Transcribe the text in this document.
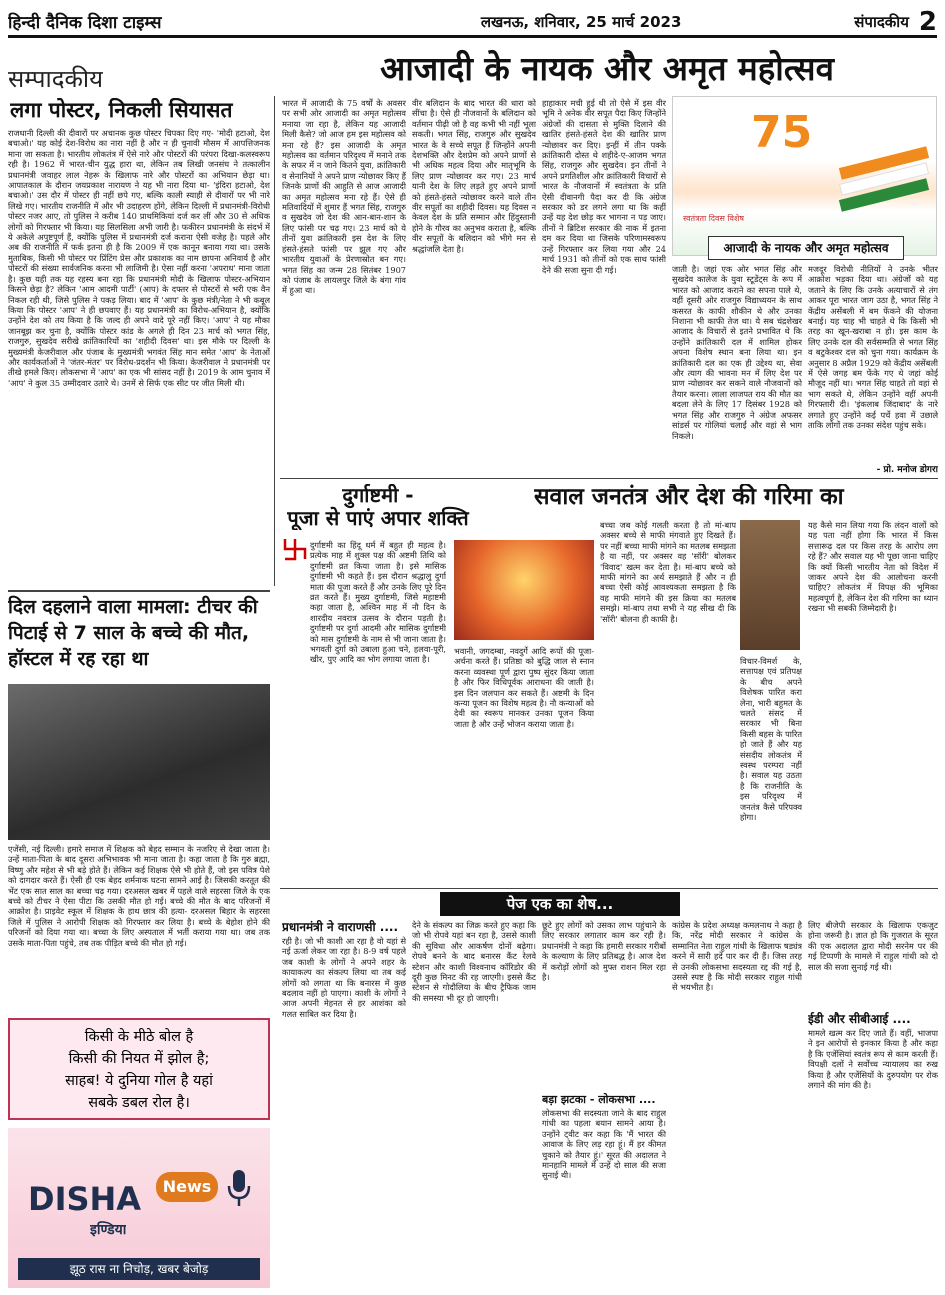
हिन्दी दैनिक दिशा टाइम्स	लखनऊ, शनिवार, 25 मार्च 2023	संपादकीय 2
सम्पादकीय	आजादी के नायक और अमृत महोत्सव
लगा पोस्टर, निकली सियासत
राजधानी दिल्ली की दीवारों पर अचानक कुछ पोस्टर चिपका दिए गए- 'मोदी हटाओ, देश बचाओ।' यह कोई देश-विरोध का नारा नहीं है और न ही चुनावी मौसम में आपत्तिजनक माना जा सकता है। भारतीय लोकतंत्र में ऐसे नारे और पोस्टरों की परंपरा दिखा-कलस्वरूप रही है। 1962 में भारत-चीन युद्ध हारा था, लेकिन तब लिखी जनसंघ ने तत्कालीन प्रधानमंत्री जवाहर लाल नेहरू के खिलाफ नारे और पोस्टरों का अभियान छेड़ा था। आपातकाल के दौरान जयप्रकाश नारायण ने यह भी नारा दिया था- 'इंदिरा हटाओ, देश बचाओ।' उस दौर में पोस्टर ही नहीं छपे गए, बल्कि काली स्याही से दीवारों पर भी नारे लिखे गए। भारतीय राजनीति में और भी उदाहरण होंगे, लेकिन दिल्ली में प्रधानमंत्री-विरोधी पोस्टर नजर आए, तो पुलिस ने करीब 140 प्राथमिकियां दर्ज कर लीं और 30 से अधिक लोगों को गिरफ्तार भी किया। यह सिलसिला अभी जारी है। फकीरन प्रधानमंत्री के संदर्भ में ये अकेले अपुष्टपूर्ण हैं, क्योंकि पुलिस में प्रधानमंत्री दर्ज कराना ऐसी वजेह है। पहले और अब की राजनीति में फर्क इतना ही है कि 2009 में एक कानून बनाया गया था। उसके मुताबिक, किसी भी पोस्टर पर प्रिंटिंग प्रेस और प्रकाशक का नाम छापना अनिवार्य है और पोस्टरों की संख्या सार्वजनिक करना भी लाजिमी है। ऐसा नहीं करना 'अपराध' माना जाता है। कुछ यही तक यह रहस्य बना रहा कि प्रधानमंत्री मोदी के खिलाफ पोस्टर-अभियान किसने छेड़ा है? लेकिन 'आम आदमी पार्टी' (आप) के दफ्तर से पोस्टरों से भरी एक वैन निकल रही थी, जिसे पुलिस ने पकड़ लिया। बाद में 'आप' के कुछ मंत्री/नेता ने भी कबूल किया कि पोस्टर 'आप' ने ही छपवाए हैं। यह प्रधानमंत्री का विरोध-अभियान है, क्योंकि उन्होंने देश को तय किया है कि जल्द ही अपने वादे पूरे नहीं किए। 'आप' ने यह मौका जानबूझ कर चुना है, क्योंकि पोस्टर कांड के अगले ही दिन 23 मार्च को भगत सिंह, राजगुरु, सुखदेव सरीखे क्रांतिकारियों का 'शहीदी दिवस' था। इस मौके पर दिल्ली के मुख्यमंत्री केजरीवाल और पंजाब के मुख्यमंत्री भगवंत सिंह मान समेत 'आप' के नेताओं और कार्यकर्ताओं ने 'जंतर-मंतर' पर विरोध-प्रदर्शन भी किया। केजरीवाल ने प्रधानमंत्री पर तीखे हमले किए। लोकसभा में 'आप' का एक भी सांसद नहीं है। 2019 के आम चुनाव में 'आप' ने कुल 35 उम्मीदवार उतारे थे। उनमें से सिर्फ एक सीट पर जीत मिली थी।
दिल दहलाने वाला मामला: टीचर की पिटाई से 7 साल के बच्चे की मौत, हॉस्टल में रह रहा था
एजेंसी, नई दिल्ली। हमारे समाज में शिक्षक को बेहद सम्मान के नजरिए से देखा जाता है। उन्हें माता-पिता के बाद दूसरा अभिभावक भी माना जाता है। कहा जाता है कि गुरु ब्रह्मा, विष्णु और महेश से भी बड़े होते हैं। लेकिन कई शिक्षक ऐसे भी होते हैं, जो इस पवित्र पेशे को दागदार करते हैं। ऐसी ही एक बेहद शर्मनाक घटना सामने आई है। जिसकी करतूत की भेंट एक सात साल का बच्चा चढ़ गया। दरअसल खबर में पहले वाले सहरसा जिले के एक बच्चे को टीचर ने ऐसा पीटा कि उसकी मौत हो गई। बच्चे की मौत के बाद परिजनों में आक्रोश है। प्राइवेट स्कूल में शिक्षक के हाथ छात्र की हत्या- दरअसल बिहार के सहरसा जिले में पुलिस ने आरोपी शिक्षक को गिरफ्तार कर लिया है। बच्चे के बेहोश होने की परिजनों को दिया गया था। बच्चा के लिए अस्पताल में भर्ती कराया गया था। जब तक उसके माता-पिता पहुंचे, तब तक पीड़ित बच्चे की मौत हो गई।
किसी के मीठे बोल है
किसी की नियत में झोल है;
साहब! ये दुनिया गोल है यहां
सबके डबल रोल है।
DISHA	News
इण्डिया
झूठ रास ना निचोड़, खबर बेजोड़
भारत में आजादी के 75 वर्षों के अवसर पर सभी ओर आजादी का अमृत महोत्सव मनाया जा रहा है, लेकिन यह आजादी मिली कैसे? जो आज हम इस महोत्सव को मना रहे हैं? इस आजादी के अमृत महोत्सव का वर्तमान परिदृश्य में मनाने तक के सफर में न जाने कितने युवा, क्रांतिकारी व सेनानियों ने अपने प्राण न्योछावर किए हैं जिनके प्राणों की आहुति से आज आजादी का अमृत महोत्सव मना रहे हैं। ऐसे ही मतिवादियों में शुमार हैं भगत सिंह, राजगुरु व सुखदेव जो देश की आन-बान-शान के लिए फांसी पर चढ़ गए। 23 मार्च को ये तीनों युवा क्रांतिकारी इस देश के लिए हंसते-हंसते फांसी पर झूल गए और भारतीय युवाओं के प्रेरणास्रोत बन गए। भगत सिंह का जन्म 28 सितंबर 1907 को पंजाब के लायलपुर जिले के बंगा गांव में हुआ था।
वीर बलिदान के बाद भारत की धारा को सींचा है। ऐसे ही नौजवानों के बलिदान को वर्तमान पीढ़ी जो है वह कभी भी नहीं भूला सकती। भगत सिंह, राजगुरु और सुखदेव भारत के वे सच्चे सपूत हैं जिन्होंने अपनी देशभक्ति और देशप्रेम को अपने प्राणों से भी अधिक महत्व दिया और मातृभूमि के लिए प्राण न्योछावर कर गए। 23 मार्च यानी देश के लिए लड़ते हुए अपने प्राणों को हंसते-हंसते न्योछावर करने वाले तीन वीर सपूतों का शहीदी दिवस। यह दिवस न केवल देश के प्रति सम्मान और हिंदुस्तानी होने के गौरव का अनुभव कराता है, बल्कि वीर सपूतों के बलिदान को भीगे मन से श्रद्धांजलि देता है।
हाहाकार मची हुई थी तो ऐसे में इस वीर भूमि ने अनेक वीर सपूत पैदा किए जिन्होंने अंग्रेजों की दासता से मुक्ति दिलाने की खातिर हंसते-हंसते देश की खातिर प्राण न्योछावर कर दिए। इन्हीं में तीन पक्के क्रांतिकारी दोस्त थे शहीदे-ए-आजम भगत सिंह, राजगुरु और सुखदेव। इन तीनों ने अपने प्रगतिशील और क्रांतिकारी विचारों से भारत के नौजवानों में स्वतंत्रता के प्रति ऐसी दीवानगी पैदा कर दी कि अंग्रेज सरकार को डर लगने लगा था कि कहीं उन्हें यह देश छोड़ कर भागना न पड़ जाए। तीनों ने ब्रिटिश सरकार की नाक में इतना दम कर दिया था जिसके परिणामस्वरूप उन्हें गिरफ्तार कर लिया गया और 24 मार्च 1931 को तीनों को एक साथ फांसी देने की सजा सुना दी गई।
75
स्वतंत्रता दिवस विशेष
आजादी के नायक और अमृत महोत्सव
जाती है। जहां एक ओर भगत सिंह और सुखदेव कालेज के युवा स्टूडेंट्स के रूप में भारत को आजाद कराने का सपना पाले थे, वहीं दूसरी ओर राजगुरु विद्याध्ययन के साथ कसरत के काफी शौकीन थे और उनका निशाना भी काफी तेज था। ये सब चंद्रशेखर आजाद के विचारों से इतने प्रभावित थे कि उन्होंने क्रांतिकारी दल में शामिल होकर अपना विशेष स्थान बना लिया था। इन क्रांतिकारी दल का एक ही उद्देश्य था, सेवा और त्याग की भावना मन में लिए देश पर प्राण न्योछावर कर सकने वाले नौजवानों को तैयार करना। लाला लाजपत राय की मौत का बदला लेने के लिए 17 दिसंबर 1928 को भगत सिंह और राजगुरु ने अंग्रेज अफसर सांडर्स पर गोलियां चलाईं और वहां से भाग निकले।
मजदूर विरोधी नीतियों ने उनके भीतर आक्रोश भड़का दिया था। अंग्रेजों को यह जताने के लिए कि उनके अत्याचारों से तंग आकर पूरा भारत जाग उठा है, भगत सिंह ने केंद्रीय असेंबली में बम फेंकने की योजना बनाई। यह चाह भी चाहते थे कि किसी भी तरह का खून-खराबा न हो। इस काम के लिए उनके दल की सर्वसम्मति से भगत सिंह व बटुकेश्वर दत्त को चुना गया। कार्यक्रम के अनुसार 8 अप्रैल 1929 को केंद्रीय असेंबली में ऐसे जगह बम फेंके गए थे जहां कोई मौजूद नहीं था। भगत सिंह चाहते तो वहां से भाग सकते थे, लेकिन उन्होंने वहीं अपनी गिरफ्तारी दी। 'इंकलाब जिंदाबाद' के नारे लगाते हुए उन्होंने कई पर्चे हवा में उछाले ताकि लोगों तक उनका संदेश पहुंच सके।
- प्रो. मनोज डोगरा
दुर्गाष्टमी -
पूजा से पाएं अपार शक्ति
दुर्गाष्टमी का हिंदू धर्म में बहुत ही महत्व है। प्रत्येक माह में शुक्ल पक्ष की अष्टमी तिथि को दुर्गाष्टमी व्रत किया जाता है। इसे मासिक दुर्गाष्टमी भी कहते हैं। इस दौरान श्रद्धालु दुर्गा माता की पूजा करते हैं और उनके लिए पूरे दिन व्रत करते हैं। मुख्य दुर्गाष्टमी, जिसे महाष्टमी कहा जाता है, अश्विन माह में नौ दिन के शारदीय नवरात्र उत्सव के दौरान पड़ती है। दुर्गाष्टमी पर दुर्गा आदमी और मासिक दुर्गाष्टमी को मास दुर्गाष्टमी के नाम से भी जाना जाता है। भगवती दुर्गा को उबाला हुआ चने, हलवा-पूरी, खीर, पुए आदि का भोग लगाया जाता है।
भवानी, जगदम्बा, नवदुर्गे आदि रूपों की पूजा-अर्चना करते हैं। प्रतिष्ठा को बुद्धि जाल से स्नान करना व्यवस्था पूर्ण द्वारा पुष्प सुंदर किया जाता है और फिर विधिपूर्वक आराधना की जाती है। इस दिन जलपान कर सकते हैं। अष्टमी के दिन कन्या पूजन का विशेष महत्व है। नौ कन्याओं को देवी का स्वरूप मानकर उनका पूजन किया जाता है और उन्हें भोजन कराया जाता है।
सवाल जनतंत्र और देश की गरिमा का
बच्चा जब कोई गलती करता है तो मां-बाप अक्सर बच्चे से माफी मंगवाते हुए दिखते हैं। पर नहीं बच्चा माफी मांगने का मतलब समझता है या नहीं, पर अक्सर वह 'सॉरी' बोलकर 'विवाद' खत्म कर देता है। मां-बाप बच्चे को माफी मांगने का अर्थ समझाते हैं और न ही बच्चा ऐसी कोई आवश्यकता समझता है कि वह माफी मांगने की इस क्रिया का मतलब समझे। मां-बाप तथा सभी ने यह सीख दी कि 'सॉरी' बोलना ही काफी है।
विचार-विमर्श के, सत्तापक्ष एवं प्रतिपक्ष के बीच अपने विशेषक पारित करा लेना, भारी बहुमत के चलते संसद में सरकार भी बिना किसी बहस के पारित हो जाते हैं और यह संसदीय लोकतंत्र में स्वस्थ परम्परा नहीं है। सवाल यह उठता है कि राजनीति के इस परिदृश्य में जनतंत्र कैसे परिपक्व होगा।
यह कैसे मान लिया गया कि लंदन वालों को यह पता नहीं होगा कि भारत में किस सत्तारूढ़ दल पर किस तरह के आरोप लग रहे हैं? और सवाल यह भी पूछा जाना चाहिए कि क्यों किसी भारतीय नेता को विदेश में जाकर अपने देश की आलोचना करनी चाहिए? लोकतंत्र में विपक्ष की भूमिका महत्वपूर्ण है, लेकिन देश की गरिमा का ध्यान रखना भी सबकी जिम्मेदारी है।
पेज एक का शेष...
प्रधानमंत्री ने वाराणसी ....
रही है। जो भी काशी आ रहा है वो यहां से नई ऊर्जा लेकर जा रहा है। 8-9 वर्ष पहले जब काशी के लोगों ने अपने शहर के कायाकल्प का संकल्प लिया था तब कई लोगों को लगता था कि बनारस में कुछ बदलाव नहीं हो पाएगा। काशी के लोगों ने आज अपनी मेहनत से हर आशंका को गलत साबित कर दिया है।
देने के संकल्प का जिक्र करते हुए कहा कि जो भी रोपवे यहां बन रहा है, उससे काशी की सुविधा और आकर्षण दोनों बढ़ेगा। रोपवे बनने के बाद बनारस कैंट रेलवे स्टेशन और काशी विश्वनाथ कॉरिडोर की दूरी कुछ मिनट की रह जाएगी। इससे कैंट स्टेशन से गोदौलिया के बीच ट्रैफिक जाम की समस्या भी दूर हो जाएगी।
छूटे हुए लोगों को उसका लाभ पहुंचाने के लिए सरकार लगातार काम कर रही है। प्रधानमंत्री ने कहा कि हमारी सरकार गरीबों के कल्याण के लिए प्रतिबद्ध है। आज देश में करोड़ों लोगों को मुफ्त राशन मिल रहा है।
बड़ा झटका - लोकसभा ....
लोकसभा की सदस्यता जाने के बाद राहुल गांधी का पहला बयान सामने आया है। उन्होंने ट्वीट कर कहा कि 'मैं भारत की आवाज के लिए लड़ रहा हूं। मैं हर कीमत चुकाने को तैयार हूं।' सूरत की अदालत ने मानहानि मामले में उन्हें दो साल की सजा सुनाई थी।
कांग्रेस के प्रदेश अध्यक्ष कमलनाथ ने कहा है कि, नरेंद्र मोदी सरकार ने कांग्रेस के सम्मानित नेता राहुल गांधी के खिलाफ षड्यंत्र करने में सारी हदें पार कर दी हैं। जिस तरह से उनकी लोकसभा सदस्यता रद्द की गई है, उससे स्पष्ट है कि मोदी सरकार राहुल गांधी से भयभीत है।
लिए बीजेपी सरकार के खिलाफ एकजुट होना जरूरी है। ज्ञात हो कि गुजरात के सूरत की एक अदालत द्वारा मोदी सरनेम पर की गई टिप्पणी के मामले में राहुल गांधी को दो साल की सजा सुनाई गई थी।
ईडी और सीबीआई ....
मामले खत्म कर दिए जाते हैं। वहीं, भाजपा ने इन आरोपों से इनकार किया है और कहा है कि एजेंसियां स्वतंत्र रूप से काम करती हैं। विपक्षी दलों ने सर्वोच्च न्यायालय का रुख किया है और एजेंसियों के दुरुपयोग पर रोक लगाने की मांग की है।
